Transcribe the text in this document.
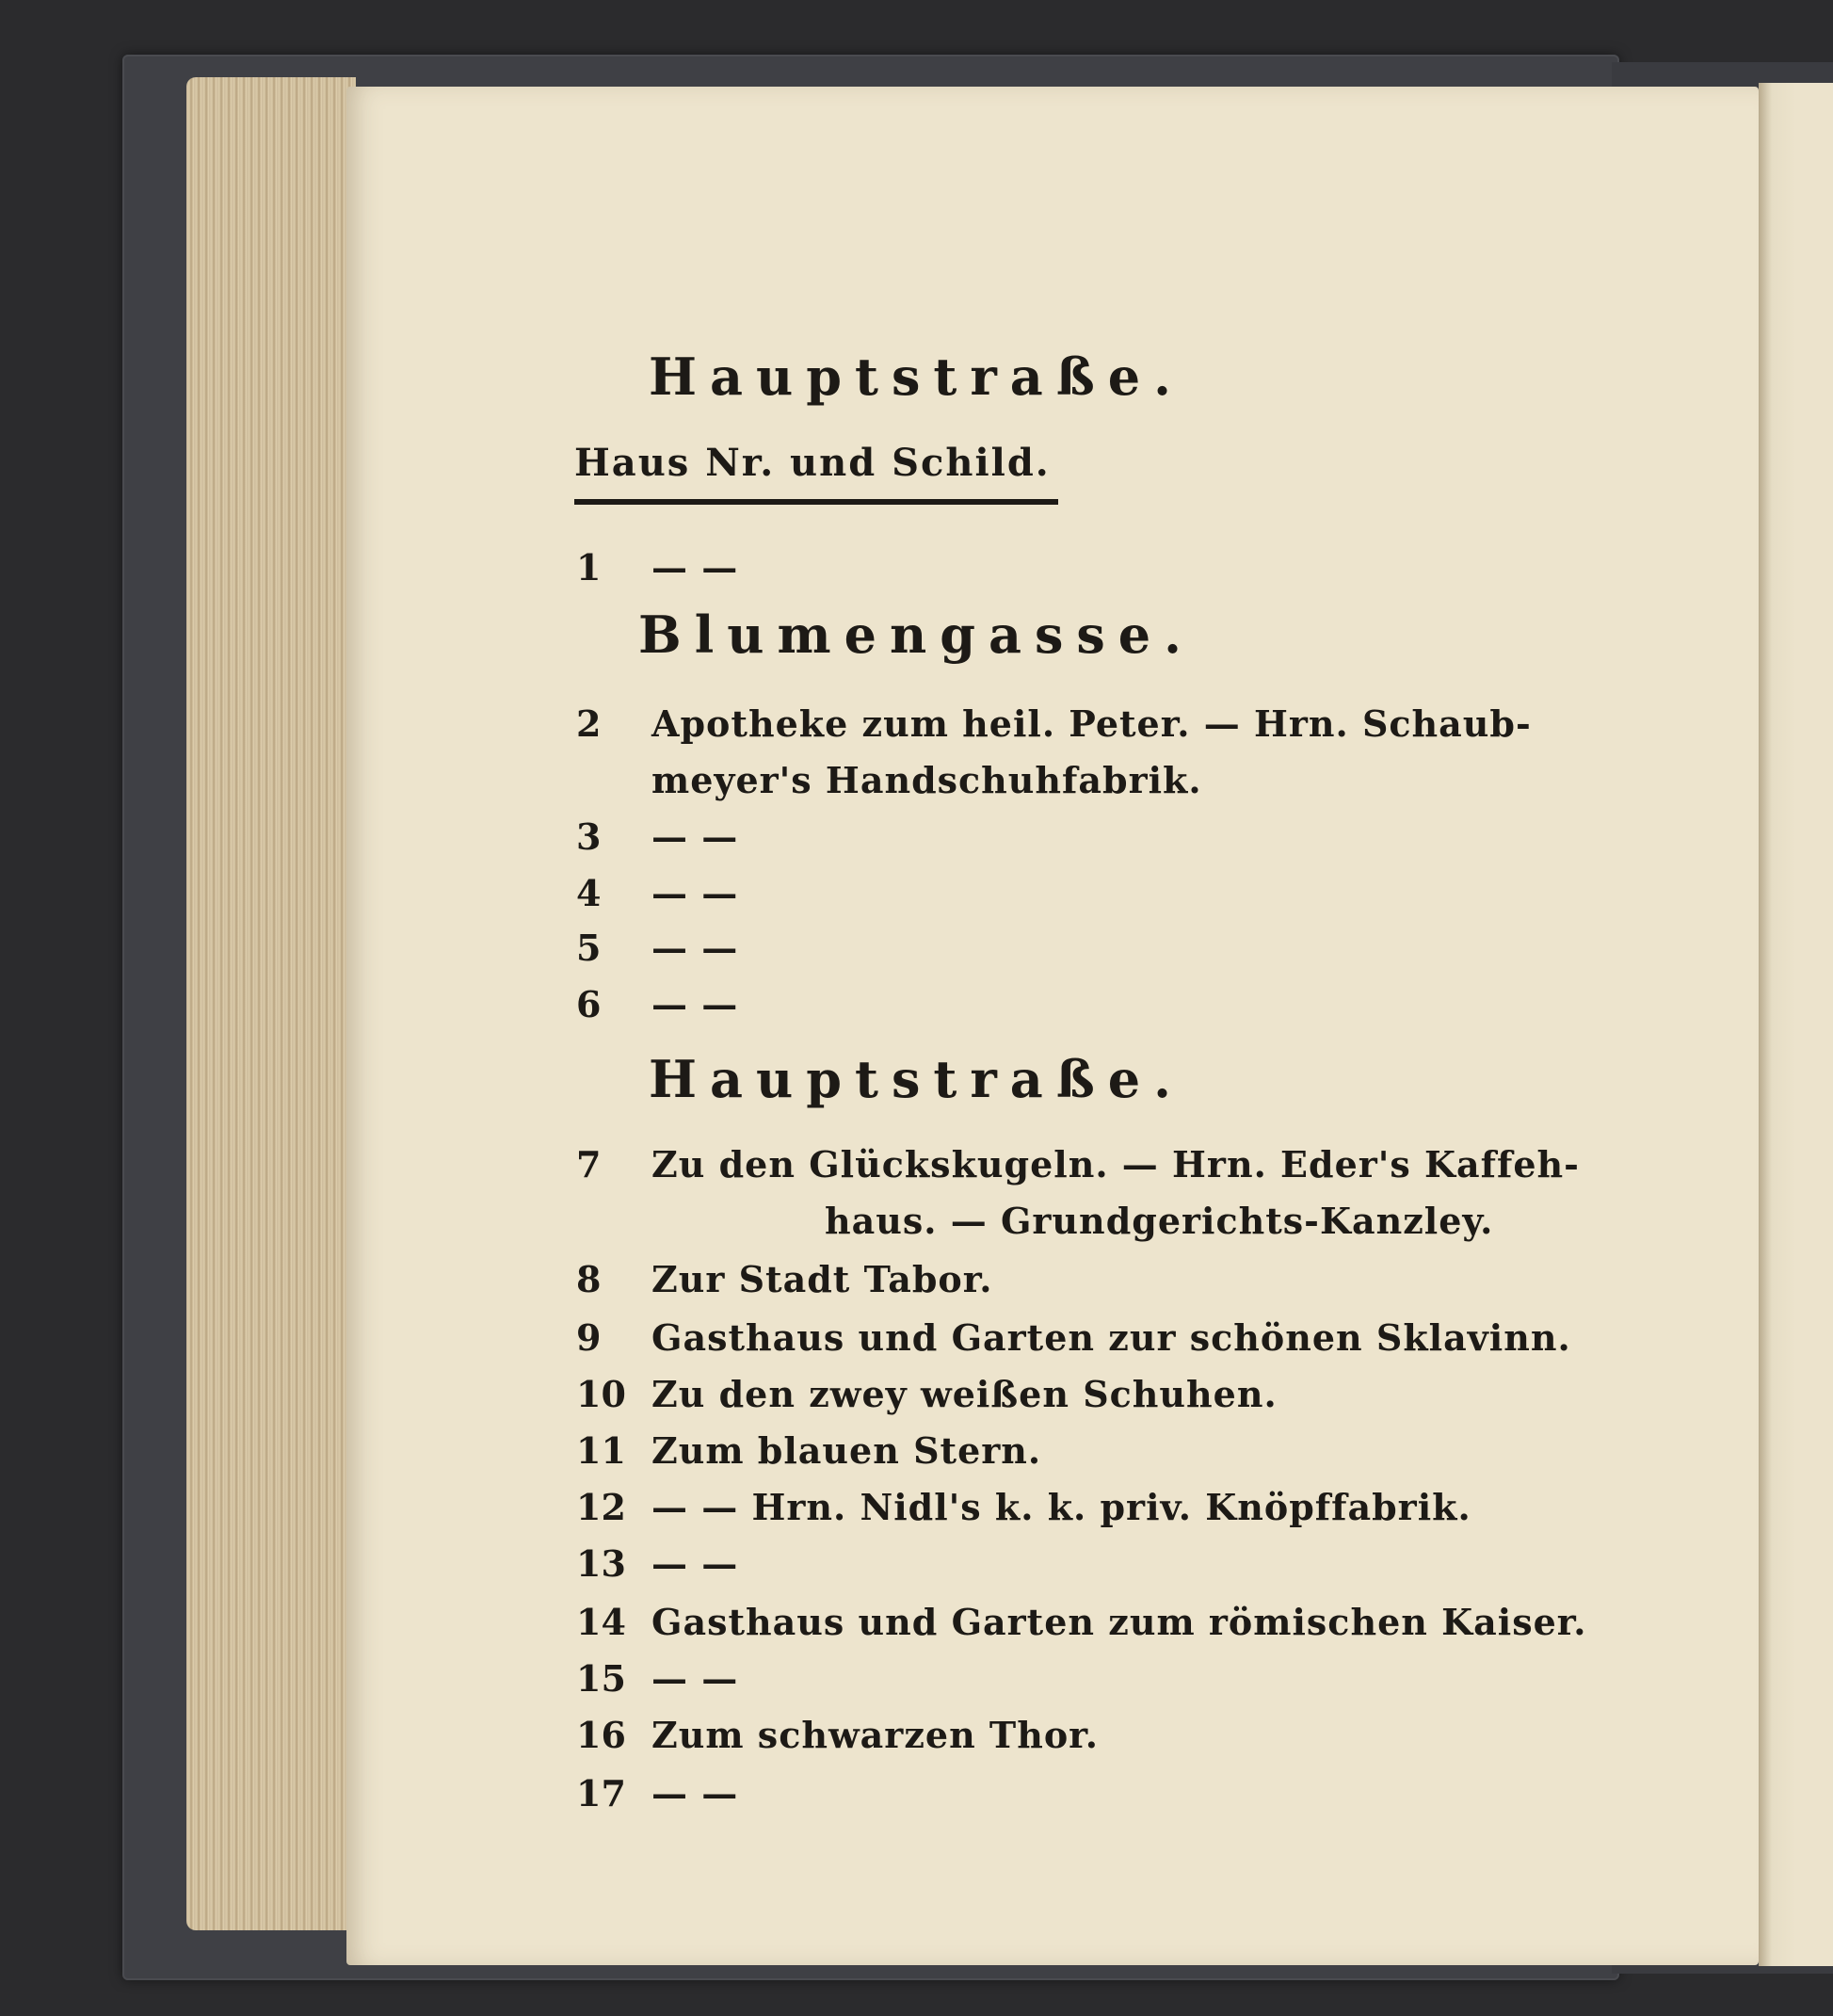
Hauptstraße.
Haus Nr. und Schild.
1 — —
Blumengasse.
2 Apotheke zum heil. Peter. — Hrn. Schaub-
meyer's Handschuhfabrik.
3 — —
4 — —
5 — —
6 — —
Hauptstraße.
7 Zu den Glückskugeln. — Hrn. Eder's Kaffeh-
haus. — Grundgerichts-Kanzley.
8 Zur Stadt Tabor.
9 Gasthaus und Garten zur schönen Sklavinn.
10 Zu den zwey weißen Schuhen.
11 Zum blauen Stern.
12 — — Hrn. Nidl's k. k. priv. Knöpffabrik.
13 — —
14 Gasthaus und Garten zum römischen Kaiser.
15 — —
16 Zum schwarzen Thor.
17 — —
